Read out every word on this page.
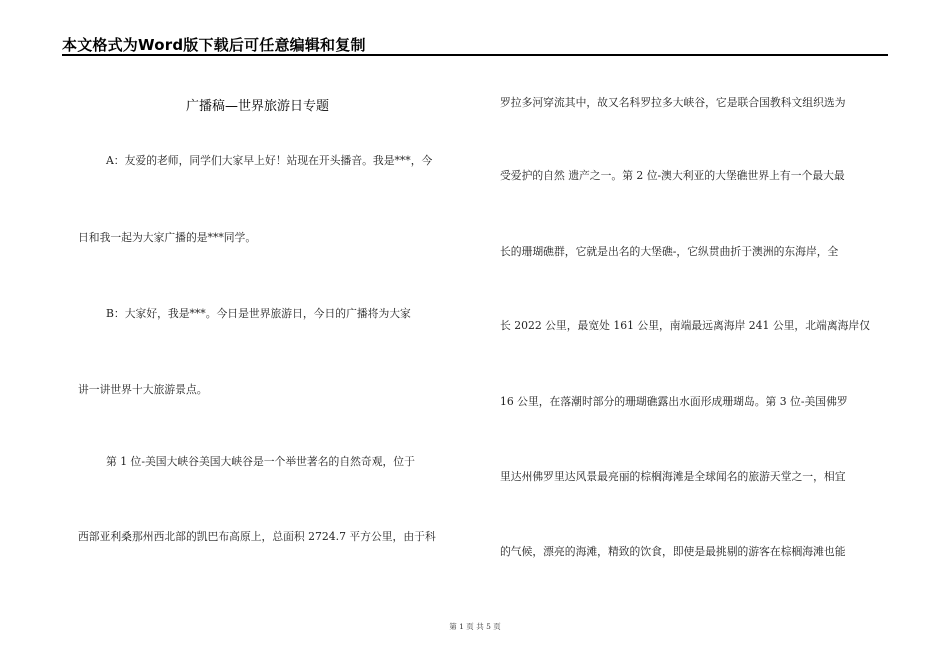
本文格式为Word版下载后可任意编辑和复制
广播稿—世界旅游日专题
A：友爱的老师，同学们大家早上好！站现在开头播音。我是***，今
日和我一起为大家广播的是***同学。
B：大家好，我是***。今日是世界旅游日，今日的广播将为大家
讲一讲世界十大旅游景点。
第 1 位-美国大峡谷美国大峡谷是一个举世著名的自然奇观，位于
西部亚利桑那州西北部的凯巴布高原上，总面积 2724.7 平方公里，由于科
罗拉多河穿流其中，故又名科罗拉多大峡谷，它是联合国教科文组织选为
受爱护的自然 遗产之一。第 2 位-澳大利亚的大堡礁世界上有一个最大最
长的珊瑚礁群，它就是出名的大堡礁-，它纵贯曲折于澳洲的东海岸，全
长 2022 公里，最宽处 161 公里，南端最远离海岸 241 公里，北端离海岸仅
16 公里，在落潮时部分的珊瑚礁露出水面形成珊瑚岛。第 3 位-美国佛罗
里达州佛罗里达风景最亮丽的棕榈海滩是全球闻名的旅游天堂之一，相宜
的气候，漂亮的海滩，精致的饮食，即使是最挑剔的游客在棕榈海滩也能
第 1 页 共 5 页
